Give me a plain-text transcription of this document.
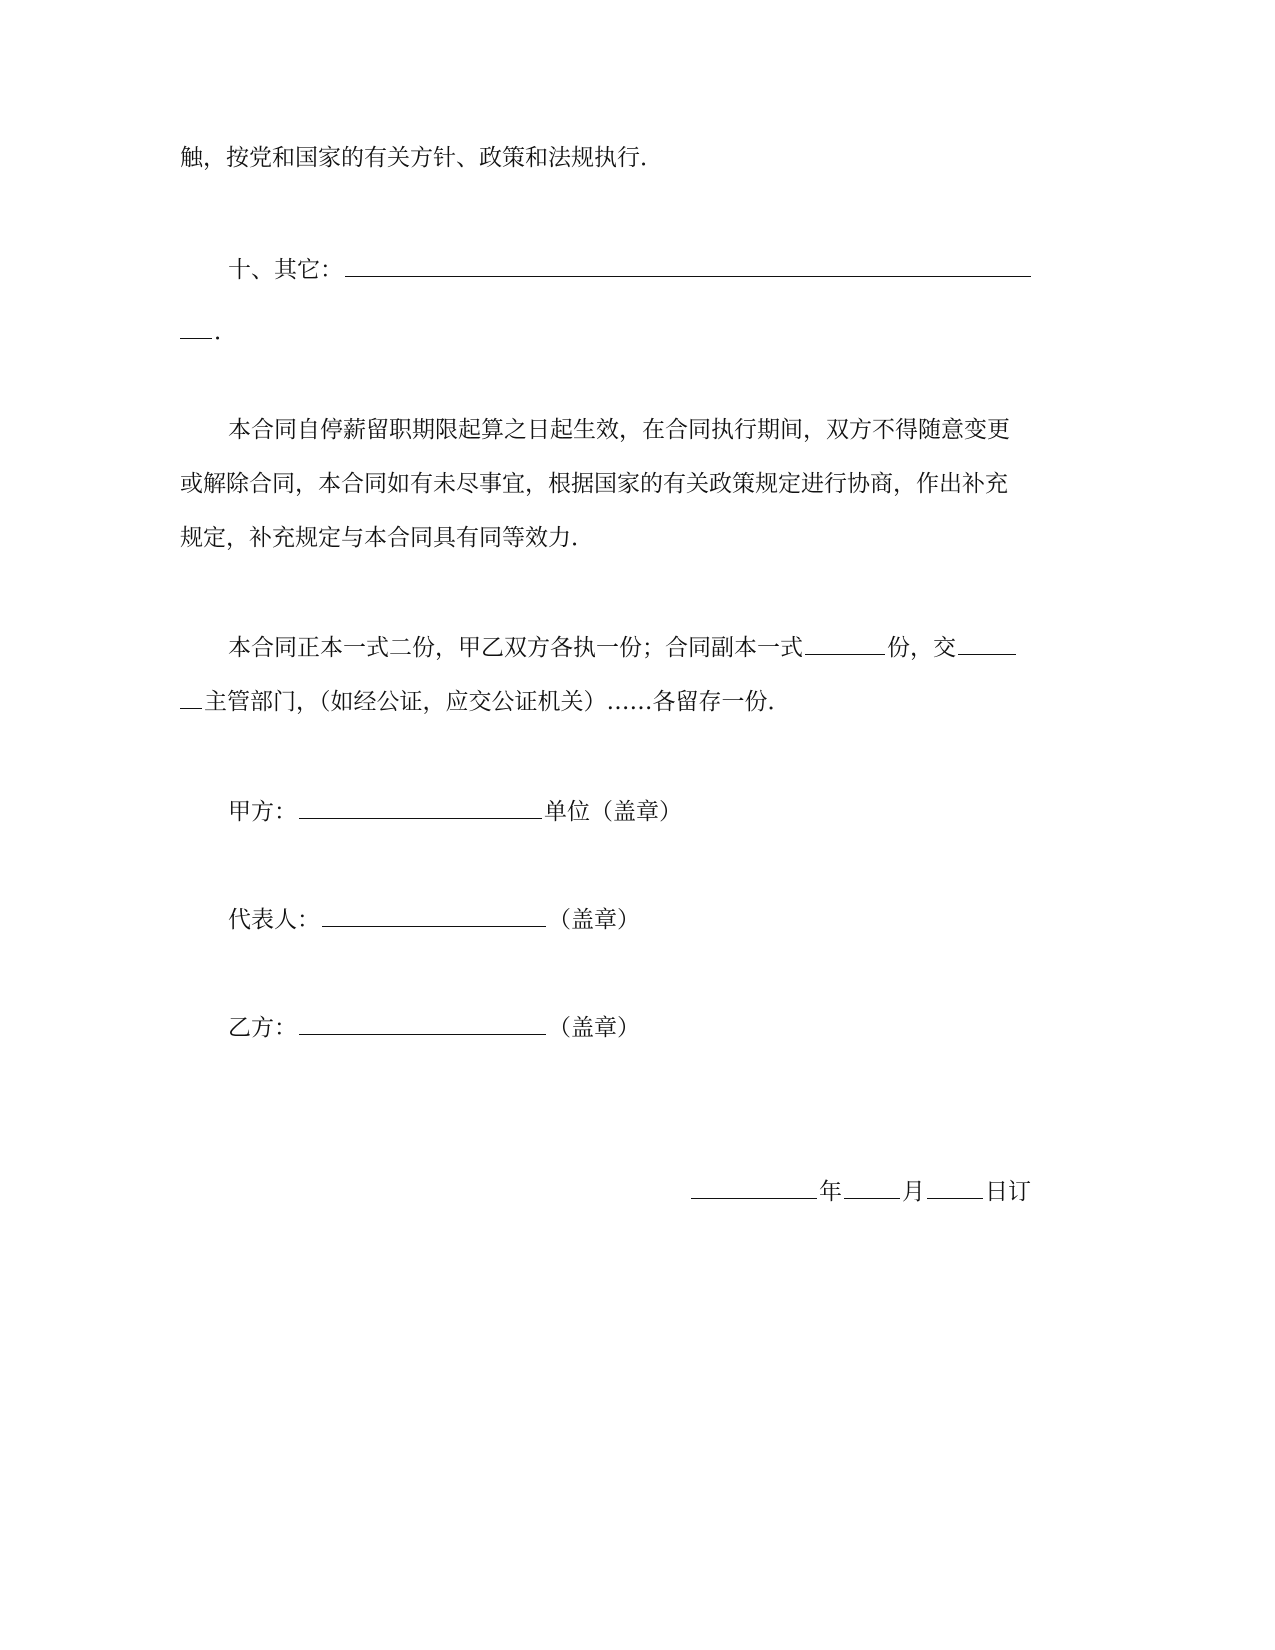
触，按党和国家的有关方针、政策和法规执行．
十、其它：
．
本合同自停薪留职期限起算之日起生效，在合同执行期间，双方不得随意变更
或解除合同，本合同如有未尽事宜，根据国家的有关政策规定进行协商，作出补充
规定，补充规定与本合同具有同等效力．
本合同正本一式二份，甲乙双方各执一份；合同副本一式	份，交
主管部门，（如经公证，应交公证机关）……各留存一份．
甲方：	单位（盖章）
代表人：	（盖章）
乙方：	（盖章）
年	月	日订
